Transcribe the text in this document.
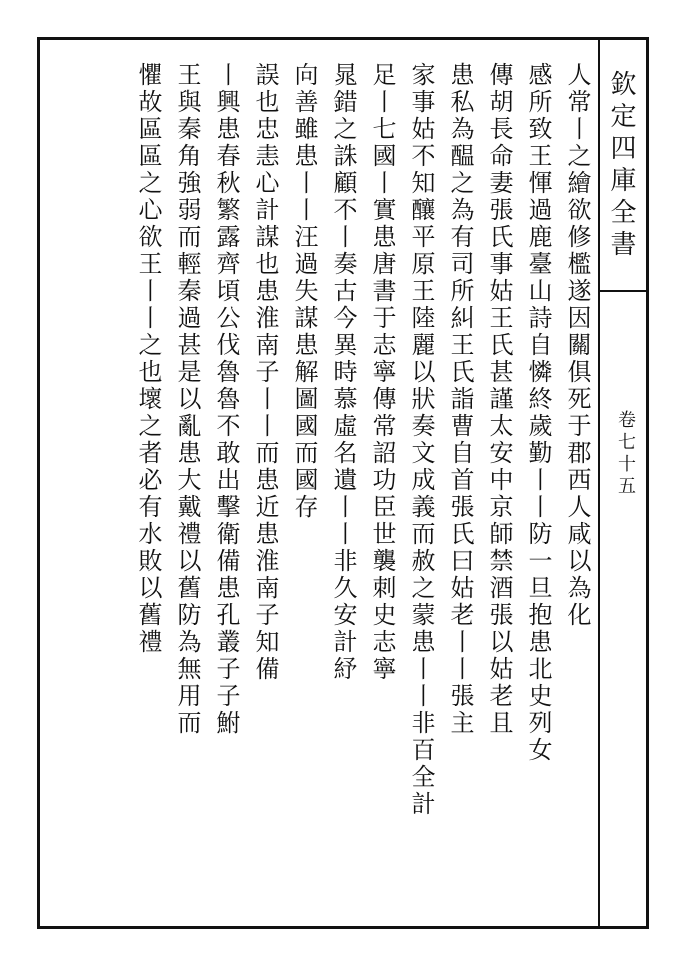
欽定四庫全書
卷七十五
人常丨之繪欲修檻遂因關俱死于郡西人咸以為化
感所致王惲過鹿臺山詩自憐終歲勤丨丨防一旦抱患北史列女
傳胡長命妻張氏事姑王氏甚謹太安中京師禁酒張以姑老且
患私為醖之為有司所糾王氏詣曹自首張氏曰姑老丨丨張主
家事姑不知釀平原王陸麗以狀奏文成義而赦之蒙患丨丨非百全計
足丨七國丨實患唐書于志寧傳常詔功臣世襲刺史志寧
晁錯之誅顧不丨奏古今異時慕虛名遺丨丨非久安計紓
向善雖患丨丨汪過失謀患解圖國而國存
誤也忠恚心計謀也患淮南子丨丨而患近患淮南子知備
丨興患春秋繁露齊頃公伐魯魯不敢出擊衛備患孔叢子子鮒
王與秦角強弱而輕秦過甚是以亂患大戴禮以舊防為無用而
懼故區區之心欲王丨丨之也壞之者必有水敗以舊禮
